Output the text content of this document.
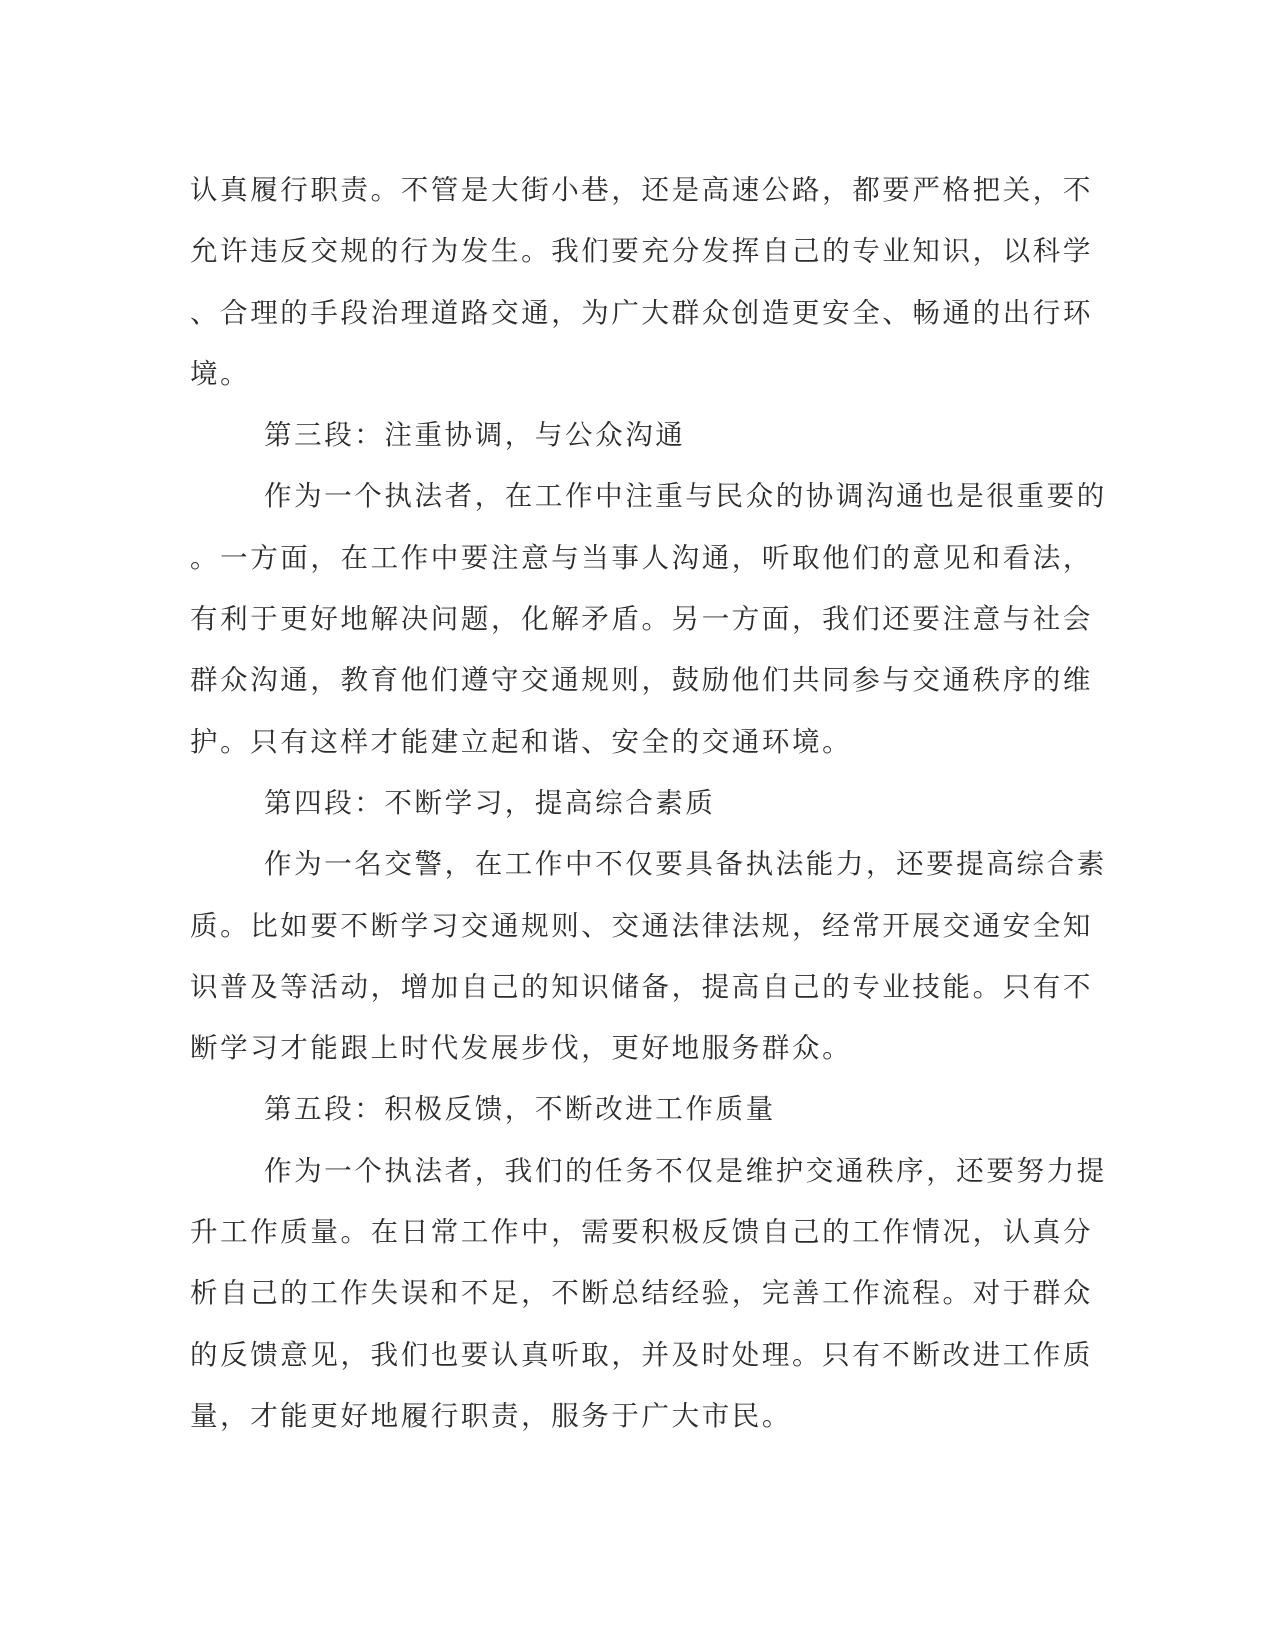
认真履行职责。不管是大街小巷，还是高速公路，都要严格把关，不
允许违反交规的行为发生。我们要充分发挥自己的专业知识，以科学
、合理的手段治理道路交通，为广大群众创造更安全、畅通的出行环
境。
第三段：注重协调，与公众沟通
作为一个执法者，在工作中注重与民众的协调沟通也是很重要的
。一方面，在工作中要注意与当事人沟通，听取他们的意见和看法，
有利于更好地解决问题，化解矛盾。另一方面，我们还要注意与社会
群众沟通，教育他们遵守交通规则，鼓励他们共同参与交通秩序的维
护。只有这样才能建立起和谐、安全的交通环境。
第四段：不断学习，提高综合素质
作为一名交警，在工作中不仅要具备执法能力，还要提高综合素
质。比如要不断学习交通规则、交通法律法规，经常开展交通安全知
识普及等活动，增加自己的知识储备，提高自己的专业技能。只有不
断学习才能跟上时代发展步伐，更好地服务群众。
第五段：积极反馈，不断改进工作质量
作为一个执法者，我们的任务不仅是维护交通秩序，还要努力提
升工作质量。在日常工作中，需要积极反馈自己的工作情况，认真分
析自己的工作失误和不足，不断总结经验，完善工作流程。对于群众
的反馈意见，我们也要认真听取，并及时处理。只有不断改进工作质
量，才能更好地履行职责，服务于广大市民。
